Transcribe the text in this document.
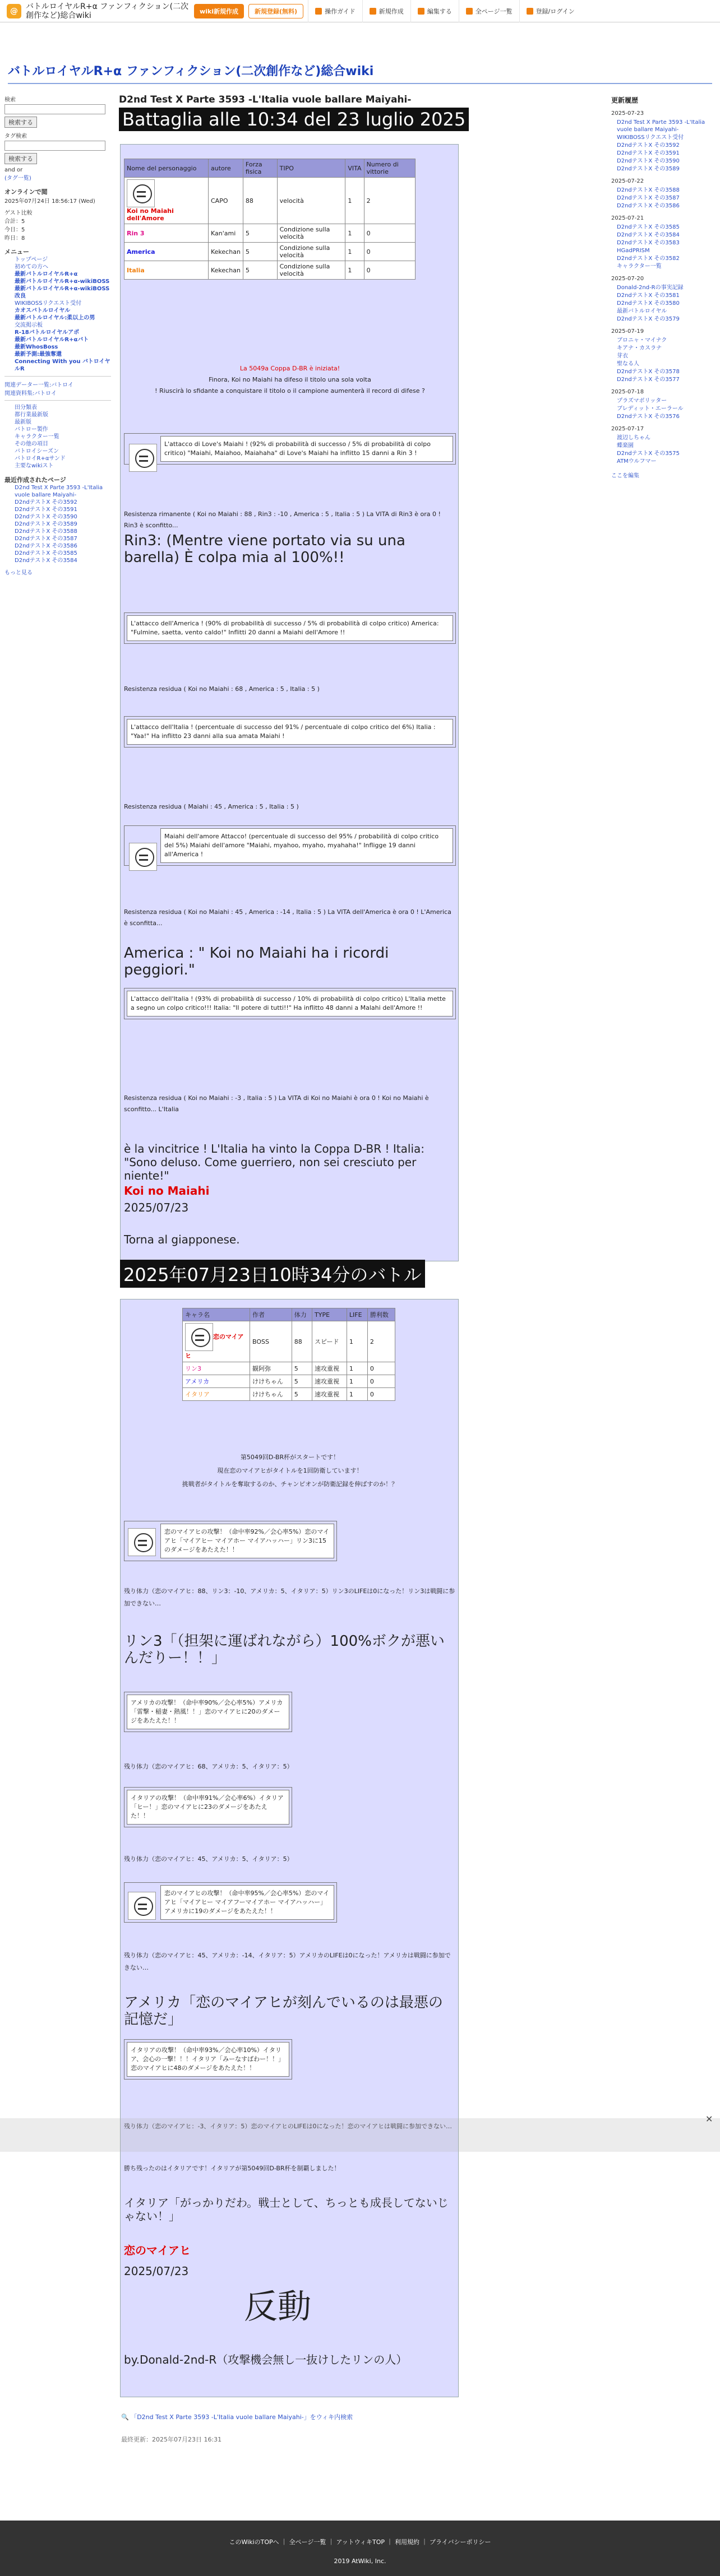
@	バトルロイヤルR+α ファンフィクション(二次創作など)総合wiki	wiki新規作成	新規登録(無料)	操作ガイド	新規作成	編集する	全ページ一覧	登録/ログイン
バトルロイヤルR+α ファンフィクション(二次創作など)総合wiki
検索
検索する
タグ検索
検索する
and or
(タグ一覧)
オンラインで閲
2025年07月24日 18:56:17 (Wed)
ゲスト比較
合計：5
今日：5
昨日：8
メニュー
トップページ
初めての方へ
最新バトルロイヤルR+α
最新バトルロイヤルR+α-wikiBOSS
最新バトルロイヤルR+α-wikiBOSS改良
WIKIBOSSリクエスト受付
カオスバトルロイヤル
最新バトルロイヤル:柔以上の男
交流掲示板
R-18バトルロイヤルアポ
最新バトルロイヤルR+αバト
最新WhosBoss
最新予測:最強奪還
Connecting With you バトロイヤルR
関連データー一覧:バトロイ
関連資料集:バトロイ
田分類表
都行業最新版
最新版
バトロー製作
キャラクター一覧
その他の項目
バトロイシーズン
バトロイR+αサンド
主要なwikiスト
最近作成されたページ
D2nd Test X Parte 3593 -L'Italia vuole ballare Maiyahi-
D2ndテストX その3592
D2ndテストX その3591
D2ndテストX その3590
D2ndテストX その3589
D2ndテストX その3588
D2ndテストX その3587
D2ndテストX その3586
D2ndテストX その3585
D2ndテストX その3584
もっと見る
更新履歴
2025-07-23
D2nd Test X Parte 3593 -L'Italia vuole ballare Maiyahi-
WIKIBOSSリクエスト受付
D2ndテストX その3592
D2ndテストX その3591
D2ndテストX その3590
D2ndテストX その3589
2025-07-22
D2ndテストX その3588
D2ndテストX その3587
D2ndテストX その3586
2025-07-21
D2ndテストX その3585
D2ndテストX その3584
D2ndテストX その3583
HGadPRISM
D2ndテストX その3582
キャラクター一覧
2025-07-20
Donald-2nd-Rの事実記録
D2ndテストX その3581
D2ndテストX その3580
最新バトルロイヤル
D2ndテストX その3579
2025-07-19
ブロニャ・マイナク
キアナ・カスラナ
芽衣
聖なる人
D2ndテストX その3578
D2ndテストX その3577
2025-07-18
プラズマボリッター
ブレディット・エーラール
D2ndテストX その3576
2025-07-17
渡辺しちゃん
蝶楽園
D2ndテストX その3575
ATMウルフマー
ここを編集
D2nd Test X Parte 3593 -L'Italia vuole ballare Maiyahi-
Battaglia alle 10:34 del 23 luglio 2025
Nome del personaggio	autore	Forza fisica	TIPO	VITA	Numero di vittorie

Koi no Maiahi dell'Amore	CAPO	88	velocità	1	2
Rin 3	Kan'ami	5	Condizione sulla velocità	1	0
America	Kekechan	5	Condizione sulla velocità	1	0
Italia	Kekechan	5	Condizione sulla velocità	1	0
La 5049a Coppa D-BR è iniziata!
Finora, Koi no Maiahi ha difeso il titolo una sola volta
! Riuscirà lo sfidante a conquistare il titolo o il campione aumenterà il record di difese ?
L'attacco di Love's Maiahi ! (92% di probabilità di successo / 5% di probabilità di colpo critico) "Maiahi, Maiahoo, Maiahaha" di Love's Maiahi ha inflitto 15 danni a Rin 3 !
Resistenza rimanente ( Koi no Maiahi : 88 , Rin3 : -10 , America : 5 , Italia : 5 ) La VITA di Rin3 è ora 0 ! Rin3 è sconfitto...
Rin3: (Mentre viene portato via su una barella) È colpa mia al 100%!!
L'attacco dell'America ! (90% di probabilità di successo / 5% di probabilità di colpo critico) America: "Fulmine, saetta, vento caldo!" Inflitti 20 danni a Maiahi dell'Amore !!
Resistenza residua ( Koi no Maiahi : 68 , America : 5 , Italia : 5 )
L'attacco dell'Italia ! (percentuale di successo del 91% / percentuale di colpo critico del 6%) Italia : "Yaa!" Ha inflitto 23 danni alla sua amata Maiahi !
Resistenza residua ( Maiahi : 45 , America : 5 , Italia : 5 )
Maiahi dell'amore Attacco! (percentuale di successo del 95% / probabilità di colpo critico del 5%) Maiahi dell'amore "Maiahi, myahoo, myaho, myahaha!" Infligge 19 danni all'America !
Resistenza residua ( Koi no Maiahi : 45 , America : -14 , Italia : 5 ) La VITA dell'America è ora 0 ! L'America è sconfitta...
America : " Koi no Maiahi ha i ricordi peggiori."
L'attacco dell'Italia ! (93% di probabilità di successo / 10% di probabilità di colpo critico) L'Italia mette a segno un colpo critico!!! Italia: "Il potere di tutti!!" Ha inflitto 48 danni a Malahi dell'Amore !!
Resistenza residua ( Koi no Maiahi : -3 , Italia : 5 ) La VITA di Koi no Maiahi è ora 0 ! Koi no Maiahi è sconfitto... L'Italia
è la vincitrice ! L'Italia ha vinto la Coppa D-BR ! Italia: "Sono deluso. Come guerriero, non sei cresciuto per niente!"
Koi no Maiahi
2025/07/23
Torna al giapponese.
2025年07月23日10時34分のバトル
キャラ名	作者	体力	TYPE	LIFE	勝利数
恋のマイアヒ	BOSS	88	スピード	1	2
リン3	観阿弥	5	速攻重視	1	0
アメリカ	けけちゃん	5	速攻重視	1	0
イタリア	けけちゃん	5	速攻重視	1	0
第5049回D-BR杯がスタートです！
現在恋のマイアヒがタイトルを1回防衛しています！
挑戦者がタイトルを奪取するのか、チャンピオンが防衛記録を伸ばすのか！？
恋のマイアヒの攻撃！（命中率92%／会心率5%）恋のマイアヒ「マイアヒー マイアホー マイアハッハー」リン3に15のダメージをあたえた！！
残り体力（恋のマイアヒ：88、リン3：-10、アメリカ：5、イタリア：5）リン3のLIFEは0になった！リン3は戦闘に参加できない…
リン3「（担架に運ばれながら）100%ボクが悪いんだりー！！」
アメリカの攻撃！（命中率90%／会心率5%）アメリカ「雷撃・稲妻・熱風！！」恋のマイアヒに20のダメージをあたえた！！
残り体力（恋のマイアヒ：68、アメリカ：5、イタリア：5）
イタリアの攻撃！（命中率91%／会心率6%）イタリア「ヒー！」恋のマイアヒに23のダメージをあたえた！！
残り体力（恋のマイアヒ：45、アメリカ：5、イタリア：5）
恋のマイアヒの攻撃！（命中率95%／会心率5%）恋のマイアヒ「マイアヒー マイアフーマイアホー マイアハッハー」アメリカに19のダメージをあたえた！！
残り体力（恋のマイアヒ：45、アメリカ：-14、イタリア：5）アメリカのLIFEは0になった！アメリカは戦闘に参加できない…
アメリカ「恋のマイアヒが刻んでいるのは最悪の記憶だ」
イタリアの攻撃！（命中率93%／会心率10%）イタリア、会心の一撃！！！イタリア「みーなすばわー！！」恋のマイアヒに48のダメージをあたえた！！
残り体力（恋のマイアヒ：-3、イタリア：5）恋のマイアヒのLIFEは0になった！恋のマイアヒは戦闘に参加できない…
勝ち残ったのはイタリアです！イタリアが第5049回D-BR杯を制覇しました！
イタリア「がっかりだわ。戦士として、ちっとも成長してないじゃない！」
恋のマイアヒ
2025/07/23
反動
by.Donald-2nd-R（攻撃機会無し一抜けしたリンの人）
🔍 「D2nd Test X Parte 3593 -L'Italia vuole ballare Maiyahi-」をウィキ内検索
最終更新：2025年07月23日 16:31
✕
このWikiのTOPへ ｜ 全ページ一覧 ｜ アットウィキTOP ｜ 利用規約 ｜ プライバシーポリシー
2019 AtWiki, Inc.
